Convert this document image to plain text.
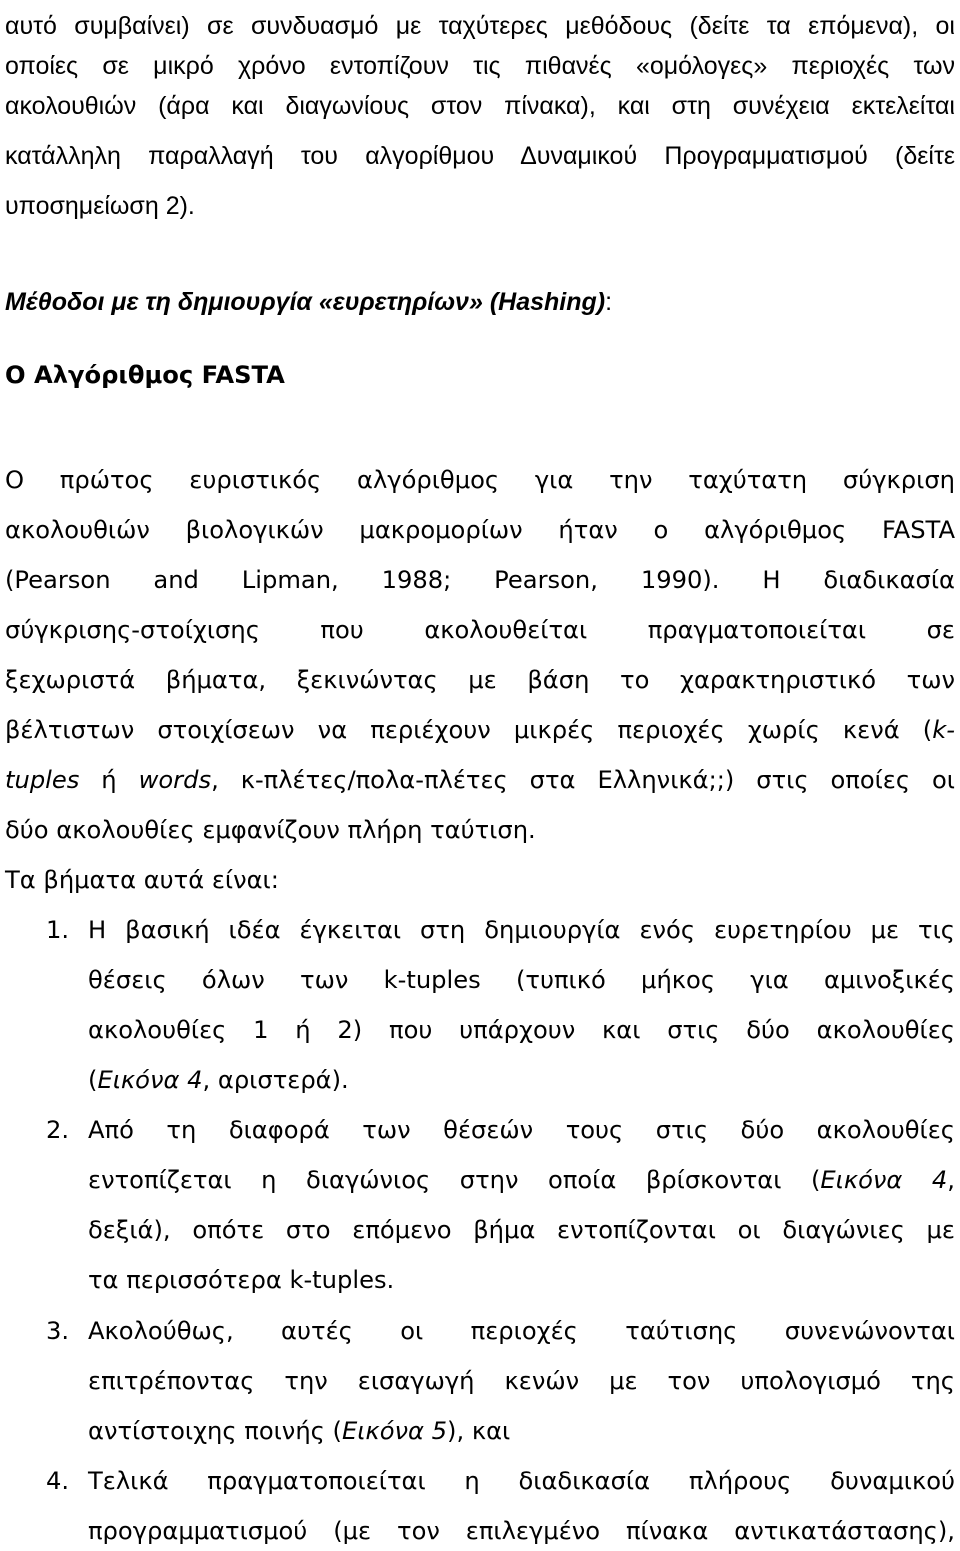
αυτό συμβαίνει) σε συνδυασμό με ταχύτερες μεθόδους (δείτε τα επόμενα), οι
οποίες σε μικρό χρόνο εντοπίζουν τις πιθανές «ομόλογες» περιοχές των
ακολουθιών (άρα και διαγωνίους στον πίνακα), και στη συνέχεια εκτελείται
κατάλληλη παραλλαγή του αλγορίθμου Δυναμικού Προγραμματισμού (δείτε
υποσημείωση 2).
Μέθοδοι με τη δημιουργία «ευρετηρίων» (Hashing):
Ο Αλγόριθμος FASTA
Ο πρώτος ευριστικός αλγόριθμος για την ταχύτατη σύγκριση
ακολουθιών βιολογικών μακρομορίων ήταν ο αλγόριθμος FASTA
(Pearson and Lipman, 1988; Pearson, 1990). Η διαδικασία
σύγκρισης-στοίχισης που ακολουθείται πραγματοποιείται σε
ξεχωριστά βήματα, ξεκινώντας με βάση το χαρακτηριστικό των
βέλτιστων στοιχίσεων να περιέχουν μικρές περιοχές χωρίς κενά (k-
tuples ή words, κ-πλέτες/πολα-πλέτες στα Ελληνικά;;) στις οποίες οι
δύο ακολουθίες εμφανίζουν πλήρη ταύτιση.
Τα βήματα αυτά είναι:
1. Η βασική ιδέα έγκειται στη δημιουργία ενός ευρετηρίου με τις
θέσεις όλων των k-tuples (τυπικό μήκος για αμινοξικές
ακολουθίες 1 ή 2) που υπάρχουν και στις δύο ακολουθίες
(Εικόνα 4, αριστερά).
2. Από τη διαφορά των θέσεών τους στις δύο ακολουθίες
εντοπίζεται η διαγώνιος στην οποία βρίσκονται (Εικόνα 4,
δεξιά), οπότε στο επόμενο βήμα εντοπίζονται οι διαγώνιες με
τα περισσότερα k-tuples.
3. Ακολούθως, αυτές οι περιοχές ταύτισης συνενώνονται
επιτρέποντας την εισαγωγή κενών με τον υπολογισμό της
αντίστοιχης ποινής (Εικόνα 5), και
4. Τελικά πραγματοποιείται η διαδικασία πλήρους δυναμικού
προγραμματισμού (με τον επιλεγμένο πίνακα αντικατάστασης),
